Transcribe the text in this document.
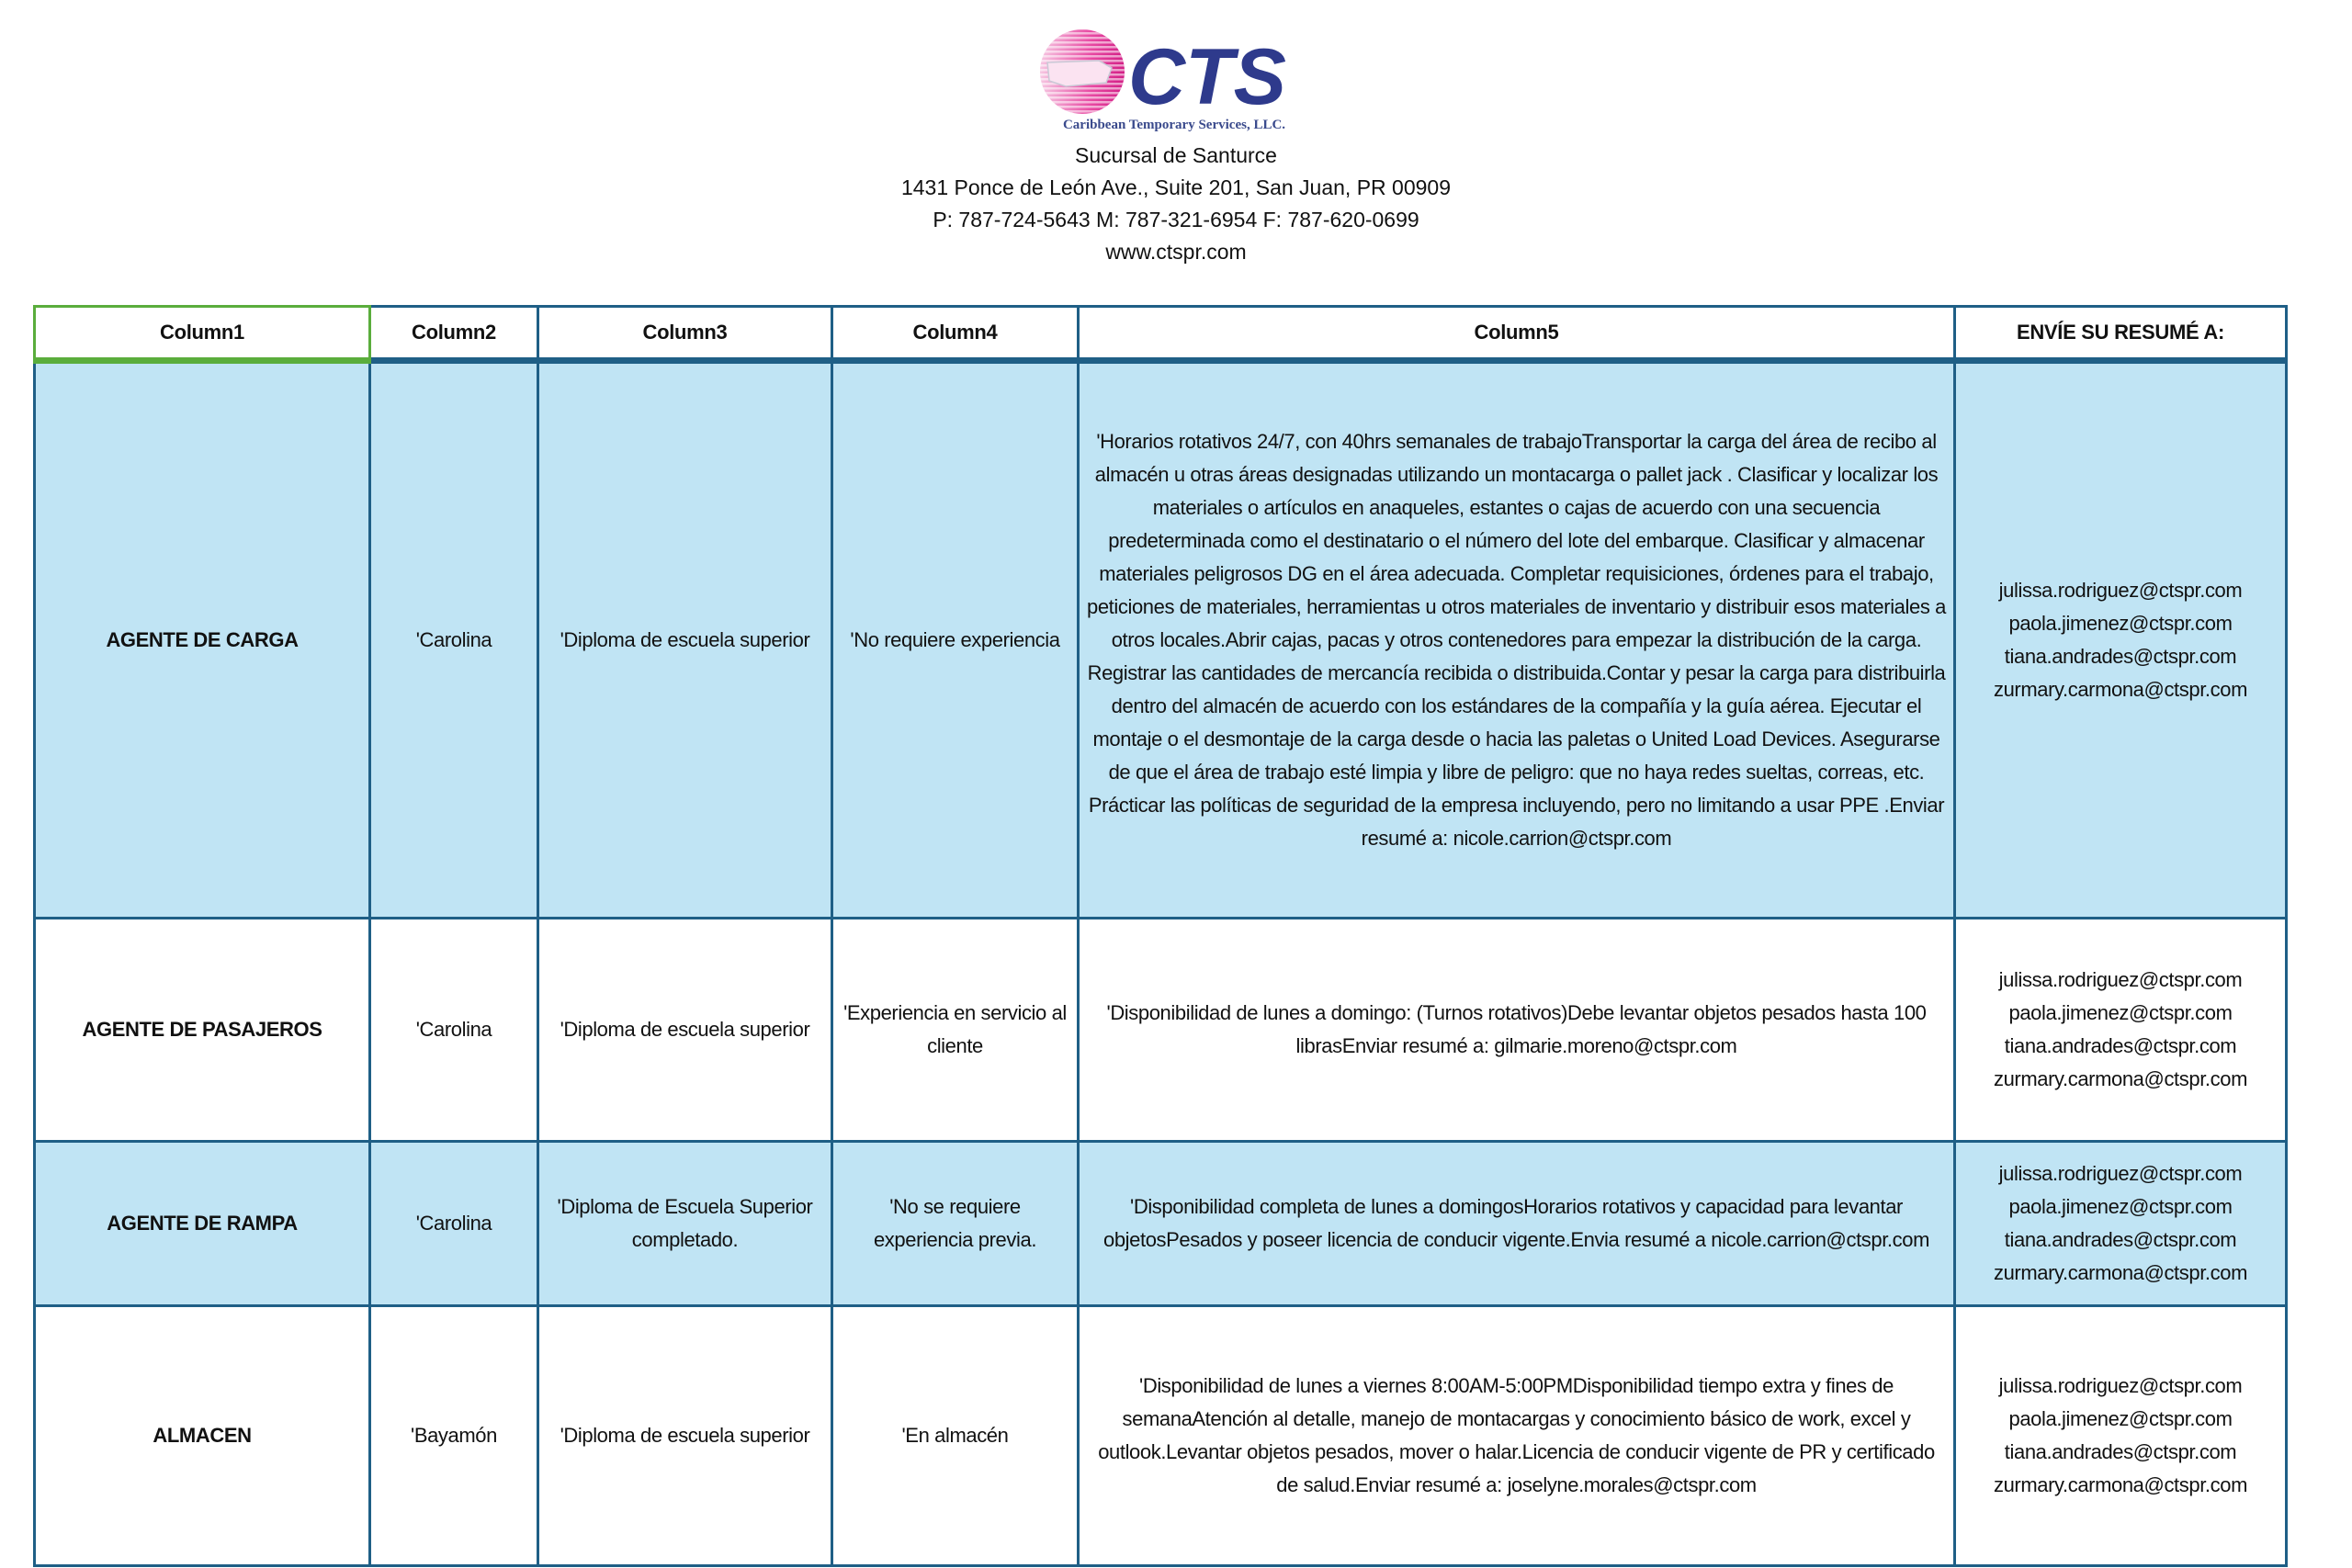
CTS
Caribbean Temporary Services, LLC.
Sucursal de Santurce
1431 Ponce de León Ave., Suite 201, San Juan, PR 00909
P: 787-724-5643 M: 787-321-6954 F: 787-620-0699
www.ctspr.com
Column1	Column2	Column3	Column4	Column5	ENVÍE SU RESUMÉ A:
AGENTE DE CARGA	'Carolina	'Diploma de escuela superior	'No requiere experiencia	'Horarios rotativos 24/7, con 40hrs semanales de trabajoTransportar la carga del área de recibo al almacén u otras áreas designadas utilizando un montacarga o pallet jack . Clasificar y localizar los materiales o artículos en anaqueles, estantes o cajas de acuerdo con una secuencia predeterminada como el destinatario o el número del lote del embarque. Clasificar y almacenar materiales peligrosos DG en el área adecuada. Completar requisiciones, órdenes para el trabajo, peticiones de materiales, herramientas u otros materiales de inventario y distribuir esos materiales a otros locales.Abrir cajas, pacas y otros contenedores para empezar la distribución de la carga. Registrar las cantidades de mercancía recibida o distribuida.Contar y pesar la carga para distribuirla dentro del almacén de acuerdo con los estándares de la compañía y la guía aérea. Ejecutar el montaje o el desmontaje de la carga desde o hacia las paletas o United Load Devices. Asegurarse de que el área de trabajo esté limpia y libre de peligro: que no haya redes sueltas, correas, etc. Prácticar las políticas de seguridad de la empresa incluyendo, pero no limitando a usar PPE .Enviar resumé a: nicole.carrion@ctspr.com	
julissa.rodriguez@ctspr.com
paola.jimenez@ctspr.com
tiana.andrades@ctspr.com
zurmary.carmona@ctspr.com

AGENTE DE PASAJEROS	'Carolina	'Diploma de escuela superior	'Experiencia en servicio al cliente	'Disponibilidad de lunes a domingo: (Turnos rotativos)Debe levantar objetos pesados hasta 100 librasEnviar resumé a: gilmarie.moreno@ctspr.com	julissa.rodriguez@ctspr.com
paola.jimenez@ctspr.com
tiana.andrades@ctspr.com
zurmary.carmona@ctspr.com

AGENTE DE RAMPA	'Carolina	'Diploma de Escuela Superior completado.	'No se requiere experiencia previa.	'Disponibilidad completa de lunes a domingosHorarios rotativos y capacidad para levantar objetosPesados y poseer licencia de conducir vigente.Envia resumé a nicole.carrion@ctspr.com	julissa.rodriguez@ctspr.com
paola.jimenez@ctspr.com
tiana.andrades@ctspr.com
zurmary.carmona@ctspr.com

ALMACEN	'Bayamón	'Diploma de escuela superior	'En almacén	'Disponibilidad de lunes a viernes 8:00AM-5:00PMDisponibilidad tiempo extra y fines de semanaAtención al detalle, manejo de montacargas y conocimiento básico de work, excel y outlook.Levantar objetos pesados, mover o halar.Licencia de conducir vigente de PR y certificado de salud.Enviar resumé a: joselyne.morales@ctspr.com	
julissa.rodriguez@ctspr.com
paola.jimenez@ctspr.com
tiana.andrades@ctspr.com
zurmary.carmona@ctspr.com
